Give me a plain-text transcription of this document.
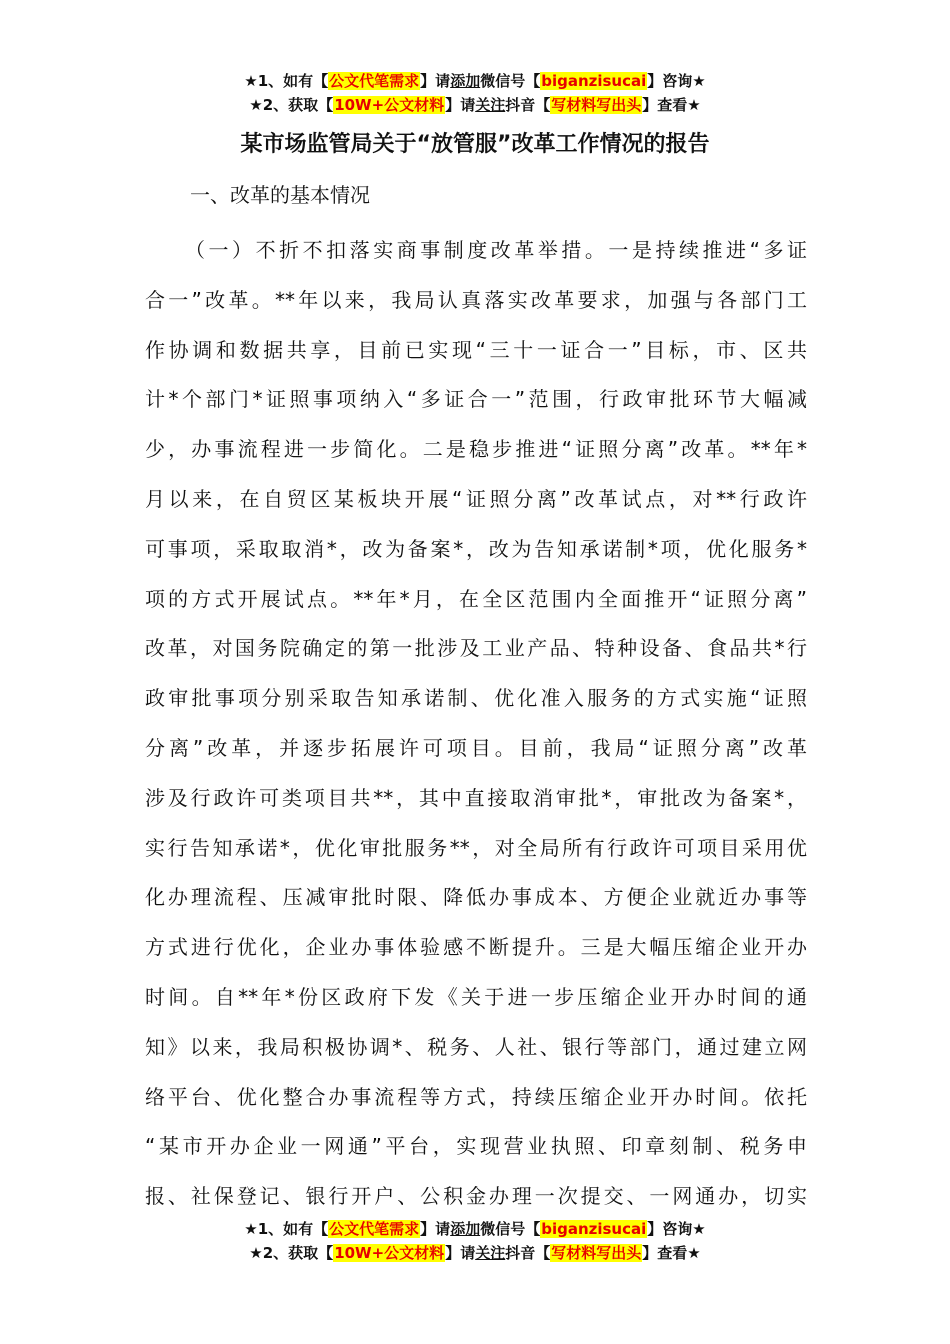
★1、如有【公文代笔需求】请添加微信号【biganzisucai】咨询★
★2、获取【10W+公文材料】请关注抖音【写材料写出头】查看★
某市场监管局关于“放管服”改革工作情况的报告
一、改革的基本情况
（一）不折不扣落实商事制度改革举措。一是持续推进“多证
合一”改革。**年以来，我局认真落实改革要求，加强与各部门工
作协调和数据共享，目前已实现“三十一证合一”目标，市、区共
计*个部门*证照事项纳入“多证合一”范围，行政审批环节大幅减
少，办事流程进一步简化。二是稳步推进“证照分离”改革。**年*
月以来，在自贸区某板块开展“证照分离”改革试点，对**行政许
可事项，采取取消*，改为备案*，改为告知承诺制*项，优化服务*
项的方式开展试点。**年*月，在全区范围内全面推开“证照分离”
改革，对国务院确定的第一批涉及工业产品、特种设备、食品共*行
政审批事项分别采取告知承诺制、优化准入服务的方式实施“证照
分离”改革，并逐步拓展许可项目。目前，我局“证照分离”改革
涉及行政许可类项目共**，其中直接取消审批*，审批改为备案*，
实行告知承诺*，优化审批服务**，对全局所有行政许可项目采用优
化办理流程、压减审批时限、降低办事成本、方便企业就近办事等
方式进行优化，企业办事体验感不断提升。三是大幅压缩企业开办
时间。自**年*份区政府下发《关于进一步压缩企业开办时间的通
知》以来，我局积极协调*、税务、人社、银行等部门，通过建立网
络平台、优化整合办事流程等方式，持续压缩企业开办时间。依托
“某市开办企业一网通”平台，实现营业执照、印章刻制、税务申
报、社保登记、银行开户、公积金办理一次提交、一网通办，切实
★1、如有【公文代笔需求】请添加微信号【biganzisucai】咨询★
★2、获取【10W+公文材料】请关注抖音【写材料写出头】查看★
